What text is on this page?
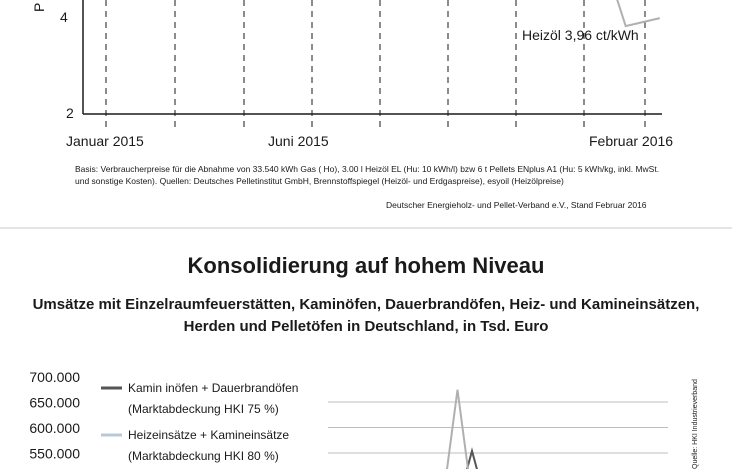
P
4
2
Januar 2015	Juni 2015	Februar 2016
Heizöl 3,96 ct/kWh
Basis: Verbraucherpreise für die Abnahme von 33.540 kWh Gas ( Ho), 3.00 l Heizöl EL (Hu: 10 kWh/l) bzw 6 t Pellets ENplus A1 (Hu: 5 kWh/kg, inkl. MwSt.
und sonstige Kosten). Quellen: Deutsches Pelletinstitut GmbH, Brennstoffspiegel (Heizöl- und Erdgaspreise), esyoil (Heizölpreise)
Deutscher Energieholz- und Pellet-Verband e.V., Stand Februar 2016
700.000
650.000
600.000
550.000
Kamin inöfen + Dauerbrandöfen
(Marktabdeckung HKI 75 %)
Heizeinsätze + Kamineinsätze
(Marktabdeckung HKI 80 %)	Quelle: HKI Industrieverband
Konsolidierung auf hohem Niveau
Umsätze mit Einzelraumfeuerstätten, Kaminöfen, Dauerbrandöfen, Heiz- und Kamineinsätzen,
Herden und Pelletöfen in Deutschland, in Tsd. Euro
